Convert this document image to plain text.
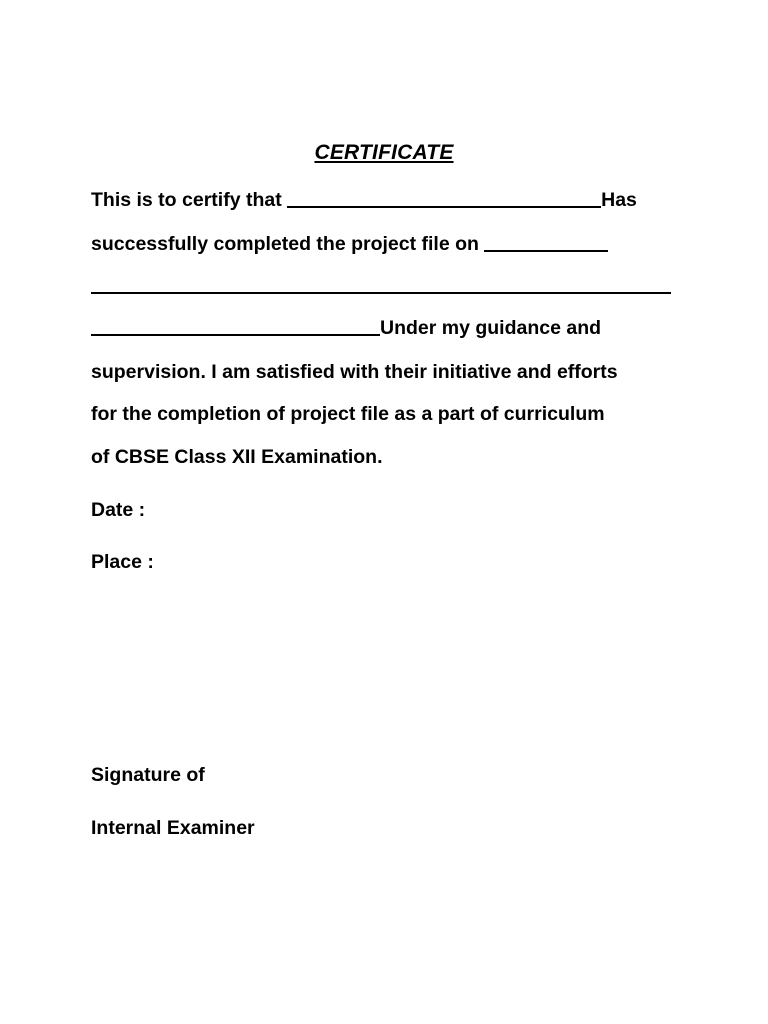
CERTIFICATE
This is to certify that	Has
successfully completed the project file on
Under my guidance and
supervision. I am satisfied with their initiative and efforts
for the completion of project file as a part of curriculum
of CBSE Class XII Examination.
Date :
Place :
Signature of
Internal Examiner
